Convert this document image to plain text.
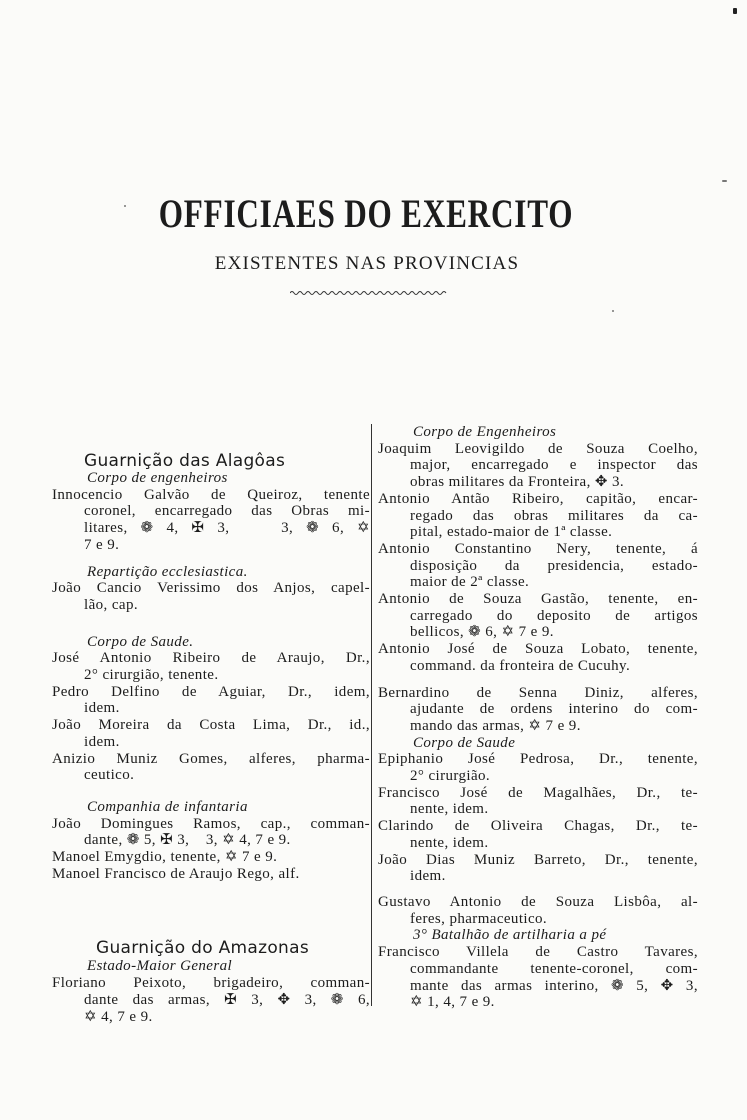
OFFICIAES DO EXERCITO
EXISTENTES NAS PROVINCIAS
Guarnição das Alagôas
Corpo de engenheiros
Innocencio Galvão de Queiroz, tenente
coronel, encarregado das Obras mi-
litares, ❁ 4, ✠ 3,    3, ❁ 6, ✡
7 e 9.
Repartição ecclesiastica.
João Cancio Verissimo dos Anjos, capel-
lão, cap.
Corpo de Saude.
José Antonio Ribeiro de Araujo, Dr.,
2° cirurgião, tenente.
Pedro Delfino de Aguiar, Dr., idem,
idem.
João Moreira da Costa Lima, Dr., id.,
idem.
Anizio Muniz Gomes, alferes, pharma-
ceutico.
Companhia de infantaria
João Domingues Ramos, cap., comman-
dante, ❁ 5, ✠ 3,    3, ✡ 4, 7 e 9.
Manoel Emygdio, tenente, ✡ 7 e 9.
Manoel Francisco de Araujo Rego, alf.
Guarnição do Amazonas
Estado-Maior General
Floriano Peixoto, brigadeiro, comman-
dante das armas, ✠ 3, ✥ 3, ❁ 6,
✡ 4, 7 e 9.
Corpo de Engenheiros
Joaquim Leovigildo de Souza Coelho,
major, encarregado e inspector das
obras militares da Fronteira, ✥ 3.
Antonio Antão Ribeiro, capitão, encar-
regado das obras militares da ca-
pital, estado-maior de 1ª classe.
Antonio Constantino Nery, tenente, á
disposição da presidencia, estado-
maior de 2ª classe.
Antonio de Souza Gastão, tenente, en-
carregado do deposito de artigos
bellicos, ❁ 6, ✡ 7 e 9.
Antonio José de Souza Lobato, tenente,
command. da fronteira de Cucuhy.
Bernardino de Senna Diniz, alferes,
ajudante de ordens interino do com-
mando das armas, ✡ 7 e 9.
Corpo de Saude
Epiphanio José Pedrosa, Dr., tenente,
2° cirurgião.
Francisco José de Magalhães, Dr., te-
nente, idem.
Clarindo de Oliveira Chagas, Dr., te-
nente, idem.
João Dias Muniz Barreto, Dr., tenente,
idem.
Gustavo Antonio de Souza Lisbôa, al-
feres, pharmaceutico.
3° Batalhão de artilharia a pé
Francisco Villela de Castro Tavares,
commandante tenente-coronel, com-
mante das armas interino, ❁ 5, ✥ 3,
✡ 1, 4, 7 e 9.
